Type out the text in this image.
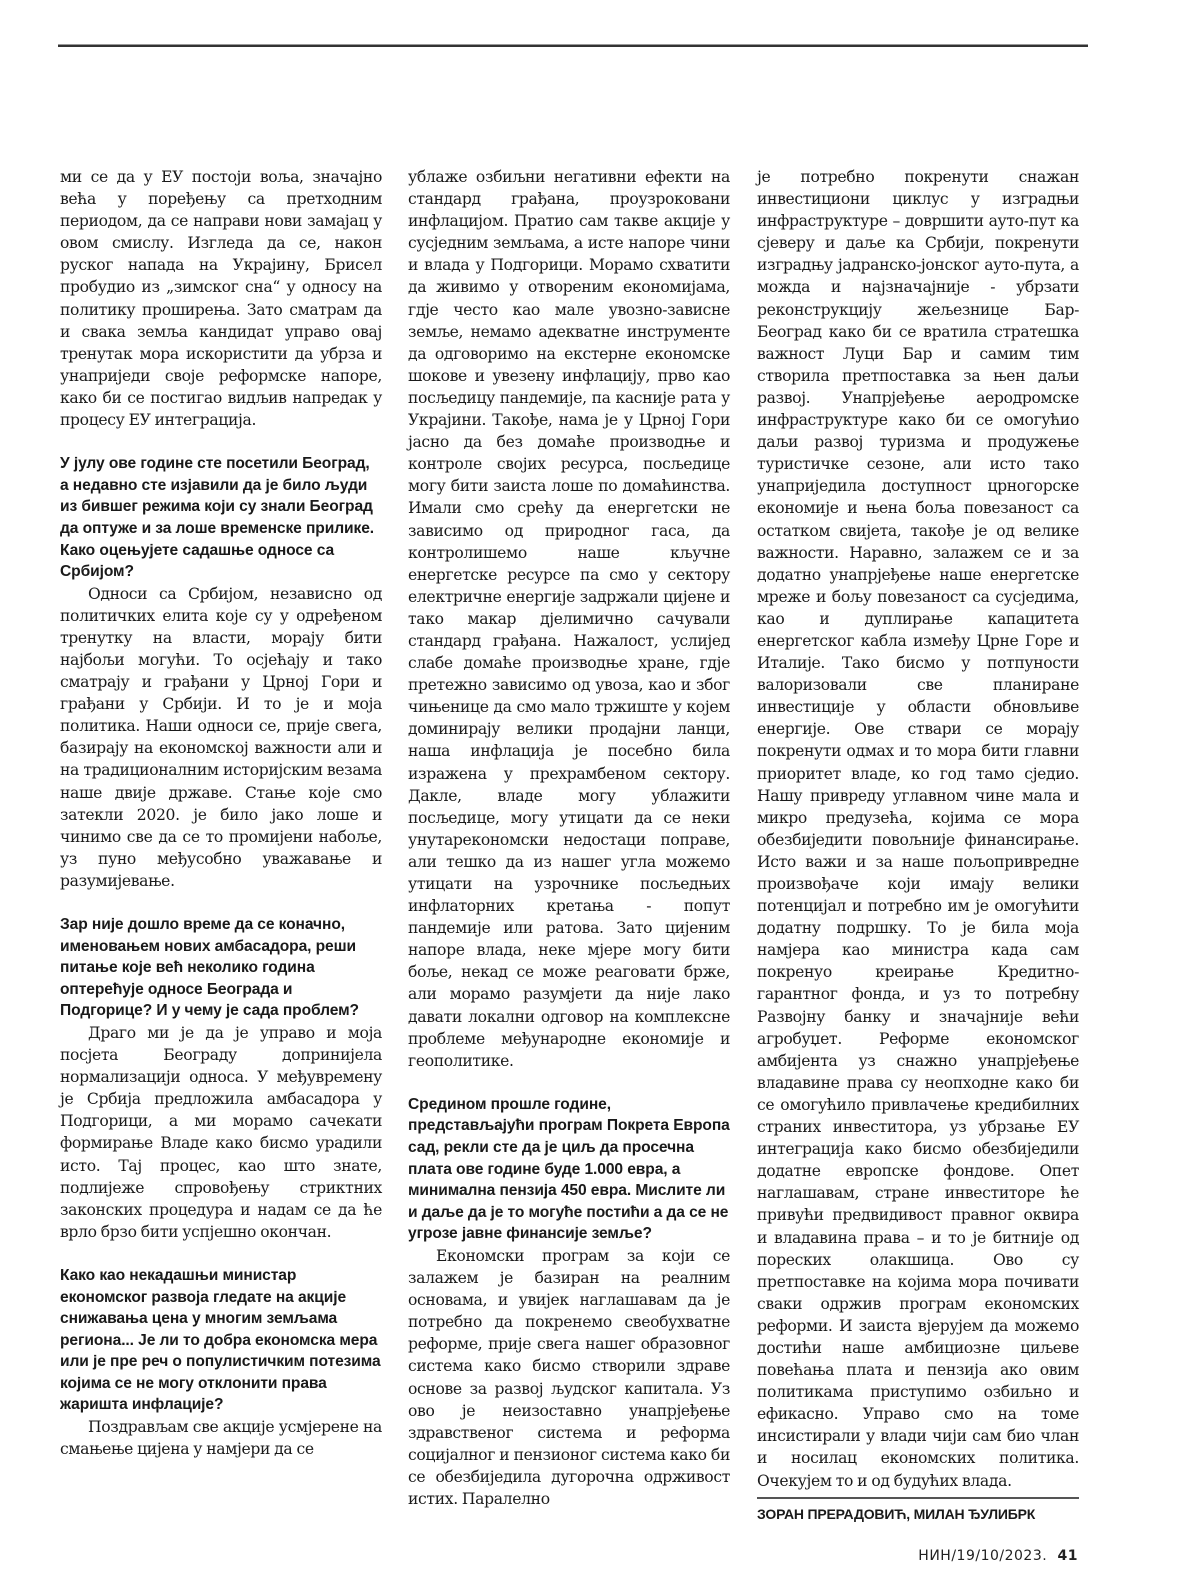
ми се да у ЕУ постоји воља, значајно већа у поређењу са претходним периодом, да се направи нови замајац у овом смислу. Изгледа да се, након руског напада на Украјину, Брисел пробудио из „зимског сна“ у односу на политику проширења. Зато сматрам да и свака земља кандидат управо овај тренутак мора искористити да убрза и унаприједи своје реформске напоре, како би се постигао видљив напредак у процесу ЕУ интеграција.

У јулу ове године сте посетили Београд, а недавно сте изјавили да је било људи из бившег режима који су знали Београд да оптуже и за лоше временске прилике. Како оцењујете садашње односе са Србијом?

Односи са Србијом, независно од политичких елита које су у одређеном тренутку на власти, морају бити најбољи могући. То осјећају и тако сматрају и грађани у Црној Гори и грађани у Србији. И то је и моја политика. Наши односи се, прије свега, базирају на економској важности али и на традиционалним историјским везама наше двије државе. Стање које смо затекли 2020. је било јако лоше и чинимо све да се то промијени набоље, уз пуно међусобно уважавање и разумијевање.

Зар није дошло време да се коначно, именовањем нових амбасадора, реши питање које већ неколико година оптерећује односе Београда и Подгорице? И у чему је сада проблем?

Драго ми је да је управо и моја посјета Београду допринијела нормализацији односа. У међувремену је Србија предложила амбасадора у Подгорици, а ми морамо сачекати формирање Владе како бисмо урадили исто. Тај процес, као што знате, подлијеже спровођењу стриктних законских процедура и надам се да ће врло брзо бити успјешно окончан.

Како као некадашњи министар економског развоја гледате на акције снижавања цена у многим земљама региона... Је ли то добра економска мера или је пре реч о популистичким потезима којима се не могу отклонити права жаришта инфлације?

Поздрављам све акције усмјерене на смањење цијена у намјери да се

ублаже озбиљни негативни ефекти на стандард грађана, проузроковани инфлацијом. Пратио сам такве акције у сусједним земљама, а исте напоре чини и влада у Подгорици. Морамо схватити да живимо у отвореним економијама, гдје често као мале увозно-зависне земље, немамо адекватне инструменте да одговоримо на екстерне економске шокове и увезену инфлацију, прво као посљедицу пандемије, па касније рата у Украјини. Такође, нама је у Црној Гори јасно да без домаће производње и контроле својих ресурса, посљедице могу бити заиста лоше по домаћинства. Имали смо срећу да енергетски не зависимо од природног гаса, да контролишемо наше кључне енергетске ресурсе па смо у сектору електричне енергије задржали цијене и тако макар дјелимично сачували стандард грађана. Нажалост, услијед слабе домаће производње хране, гдје претежно зависимо од увоза, као и због чињенице да смо мало тржиште у којем доминирају велики продајни ланци, наша инфлација је посебно била изражена у прехрамбеном сектору. Дакле, владе могу ублажити посљедице, могу утицати да се неки унутарекономски недостаци поправе, али тешко да из нашег угла можемо утицати на узрочнике посљедњих инфлаторних кретања - попут пандемије или ратова. Зато цијеним напоре влада, неке мјере могу бити боље, некад се може реаговати брже, али морамо разумјети да није лако давати локални одговор на комплексне проблеме међународне економије и геополитике.

Средином прошле године, представљајући програм Покрета Европа сад, рекли сте да је циљ да просечна плата ове године буде 1.000 евра, а минимална пензија 450 евра. Мислите ли и даље да је то могуће постићи а да се не угрозе јавне финансије земље?

Економски програм за који се залажем је базиран на реалним основама, и увијек наглашавам да је потребно да покренемо свеобухватне реформе, прије свега нашег образовног система како бисмо створили здраве основе за развој људског капитала. Уз ово је неизоставно унапрјеђење здравственог система и реформа социјалног и пензионог система како би се обезбиједила дугорочна одрживост истих. Паралелно

је потребно покренути снажан инвестициони циклус у изградњи инфраструктуре – довршити ауто-пут ка сјеверу и даље ка Србији, покренути изградњу јадранско-јонског ауто-пута, а можда и најзначајније - убрзати реконструкцију жељезнице Бар-Београд како би се вратила стратешка важност Луци Бар и самим тим створила претпоставка за њен даљи развој. Унапрјеђење аеродромске инфраструктуре како би се омогућио даљи развој туризма и продужење туристичке сезоне, али исто тако унаприједила доступност црногорске економије и њена боља повезаност са остатком свијета, такође је од велике важности. Наравно, залажем се и за додатно унапрјеђење наше енергетске мреже и бољу повезаност са сусједима, као и дуплирање капацитета енергетског кабла између Црне Горе и Италије. Тако бисмо у потпуности валоризовали све планиране инвестиције у области обновљиве енергије. Ове ствари се морају покренути одмах и то мора бити главни приоритет владе, ко год тамо сједио. Нашу привреду углавном чине мала и микро предузећа, којима се мора обезбиједити повољније финансирање. Исто важи и за наше пољопривредне произвођаче који имају велики потенцијал и потребно им је омогућити додатну подршку. То је била моја намјера као министра када сам покренуо креирање Кредитно-гарантног фонда, и уз то потребну Развојну банку и значајније већи агробуџет. Реформе економског амбијента уз снажно унапрјеђење владавине права су неопходне како би се омогућило привлачење кредибилних страних инвеститора, уз убрзање ЕУ интеграција како бисмо обезбиједили додатне европске фондове. Опет наглашавам, стране инвеститоре ће привући предвидивост правног оквира и владавина права – и то је битније од пореских олакшица. Ово су претпоставке на којима мора почивати сваки одржив програм економских реформи. И заиста вјерујем да можемо достићи наше амбициозне циљеве повећања плата и пензија ако овим политикама приступимо озбиљно и ефикасно. Управо смо на томе инсистирали у влади чији сам био члан и носилац економских политика. Очекујем то и од будућих влада.

ЗОРАН ПРЕРАДОВИЋ, МИЛАН ЂУЛИБРК
НИН/19/10/2023.  41
